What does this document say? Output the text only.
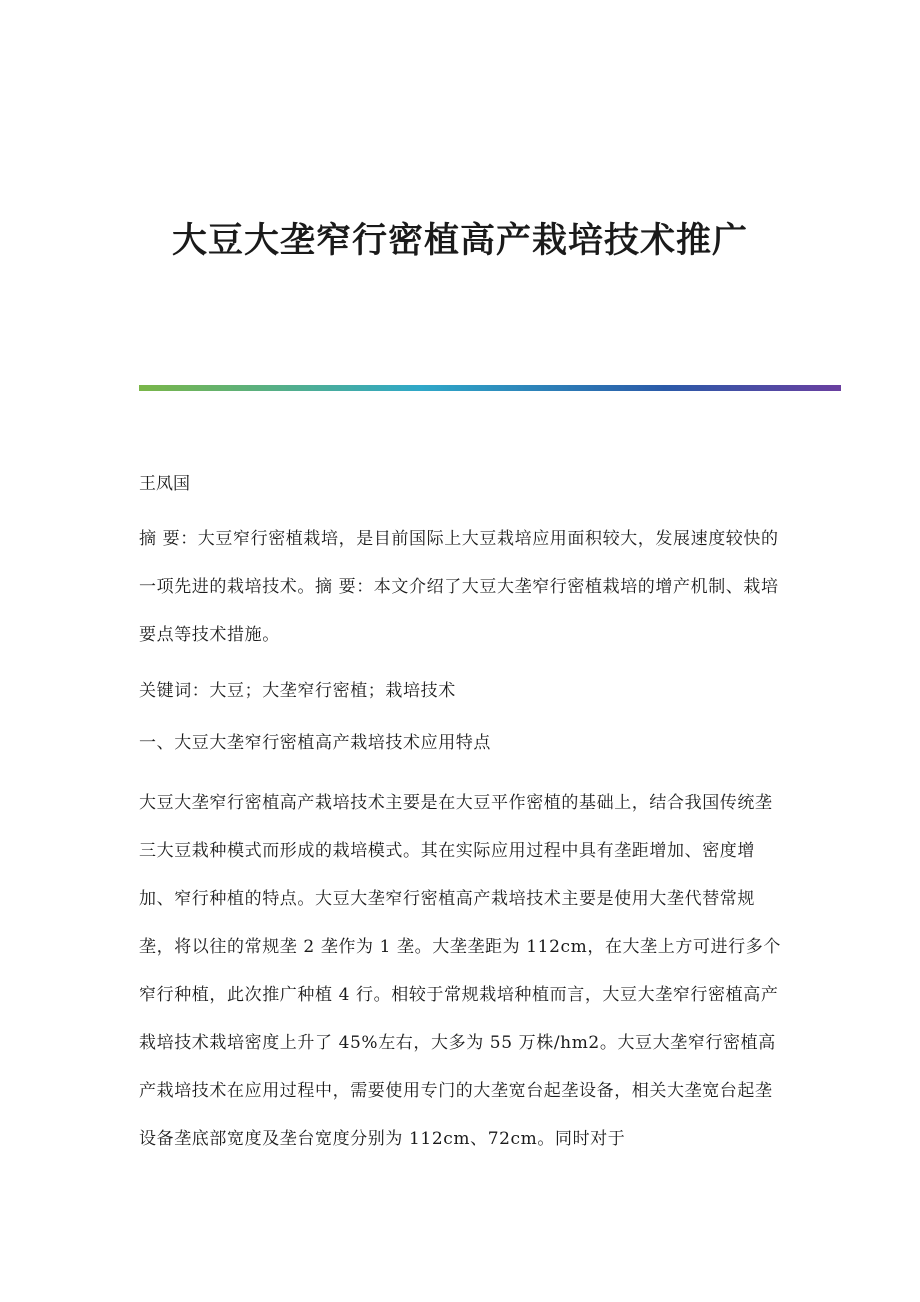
大豆大垄窄行密植高产栽培技术推广

王凤国

摘 要：大豆窄行密植栽培，是目前国际上大豆栽培应用面积较大，发展速度较快的一项先进的栽培技术。摘 要：本文介绍了大豆大垄窄行密植栽培的增产机制、栽培要点等技术措施。

关键词：大豆；大垄窄行密植；栽培技术

一、大豆大垄窄行密植高产栽培技术应用特点

大豆大垄窄行密植高产栽培技术主要是在大豆平作密植的基础上，结合我国传统垄三大豆栽种模式而形成的栽培模式。其在实际应用过程中具有垄距增加、密度增加、窄行种植的特点。大豆大垄窄行密植高产栽培技术主要是使用大垄代替常规垄，将以往的常规垄 2 垄作为 1 垄。大垄垄距为 112cm，在大垄上方可进行多个窄行种植，此次推广种植 4 行。相较于常规栽培种植而言，大豆大垄窄行密植高产栽培技术栽培密度上升了 45%左右，大多为 55 万株/hm2。大豆大垄窄行密植高产栽培技术在应用过程中，需要使用专门的大垄宽台起垄设备，相关大垄宽台起垄设备垄底部宽度及垄台宽度分别为 112cm、72cm。同时对于
